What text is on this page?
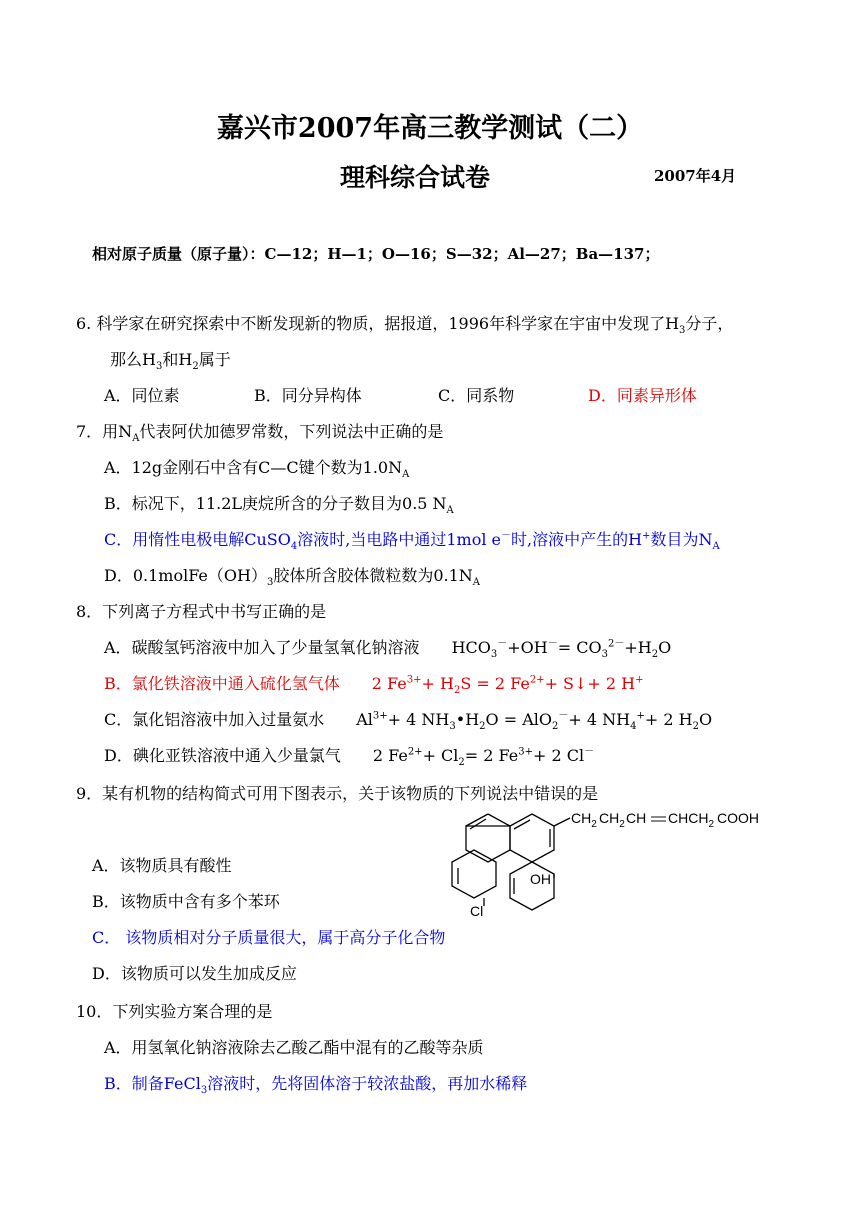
嘉兴市2007年高三教学测试（二）
理科综合试卷	2007年4月
相对原子质量（原子量）：C—12；H—1；O—16；S—32；Al—27；Ba—137；
6. 科学家在研究探索中不断发现新的物质，据报道，1996年科学家在宇宙中发现了$H_3$分子，
那么$H_3$和$H_2$属于
A．同位素	B．同分异构体	C．同系物	D．同素异形体
7．用$N_A$代表阿伏加德罗常数，下列说法中正确的是
A．12g金刚石中含有C—C键个数为$1.0N_A$
B．标况下，11.2L庚烷所含的分子数目为0.5 $N_A$
C．用惰性电极电解CuSO$_4$溶液时,当电路中通过1mol e－时,溶液中产生的H+数目为$N_A$
D．$0.1molFe(OH)_3$胶体所含胶体微粒数为$0.1N_A$
8．下列离子方程式中书写正确的是
A．碳酸氢钙溶液中加入了少量氢氧化钠溶液 $HCO_3^-+OH^-= CO_3^{2-}+H_2O$
B．氯化铁溶液中通入硫化氢气体 2 $Fe^{3+}+ H_2S = 2$ $Fe^{2+}+$ S↓+ 2 H+
C．氯化铝溶液中加入过量氨水 $Al^{3+}+ 4$ $NH_3•H_2O = AlO_2^-+ 4$ $NH_4^++ 2$ $H_2O$
D．碘化亚铁溶液中通入少量氯气 2 $Fe^{2+}+ Cl_2= 2$ $Fe^{3+}+ 2$ Cl－
9．某有机物的结构简式可用下图表示，关于该物质的下列说法中错误的是
$CH_2$ $CH_2$ CH $CHCH_2$ COOH
OH
Cl
A．该物质具有酸性
B．该物质中含有多个苯环
C． 该物质相对分子质量很大，属于高分子化合物
D．该物质可以发生加成反应
10．下列实验方案合理的是
A．用氢氧化钠溶液除去乙酸乙酯中混有的乙酸等杂质
B．制备FeCl$_3$溶液时，先将固体溶于较浓盐酸，再加水稀释
